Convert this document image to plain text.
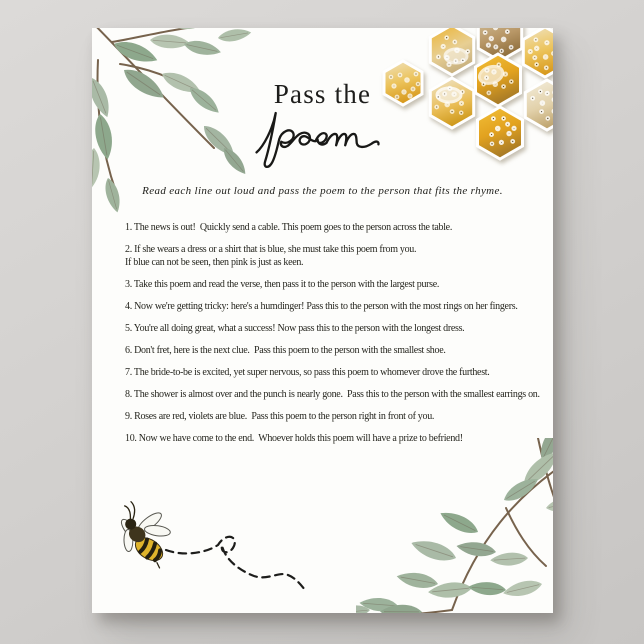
Pass the
Read each line out loud and pass the poem to the person that fits the rhyme.

1. The news is out!  Quickly send a cable. This poem goes to the person across the table.

2. If she wears a dress or a shirt that is blue, she must take this poem from you.
If blue can not be seen, then pink is just as keen.

3. Take this poem and read the verse, then pass it to the person with the largest purse.

4. Now we're getting tricky: here's a humdinger! Pass this to the person with the most rings on her fingers.

5. You're all doing great, what a success! Now pass this to the person with the longest dress.

6. Don't fret, here is the next clue.  Pass this poem to the person with the smallest shoe.

7. The bride-to-be is excited, yet super nervous, so pass this poem to whomever drove the furthest.

8. The shower is almost over and the punch is nearly gone.  Pass this to the person with the smallest earrings on.

9. Roses are red, violets are blue.  Pass this poem to the person right in front of you.

10. Now we have come to the end.  Whoever holds this poem will have a prize to befriend!
